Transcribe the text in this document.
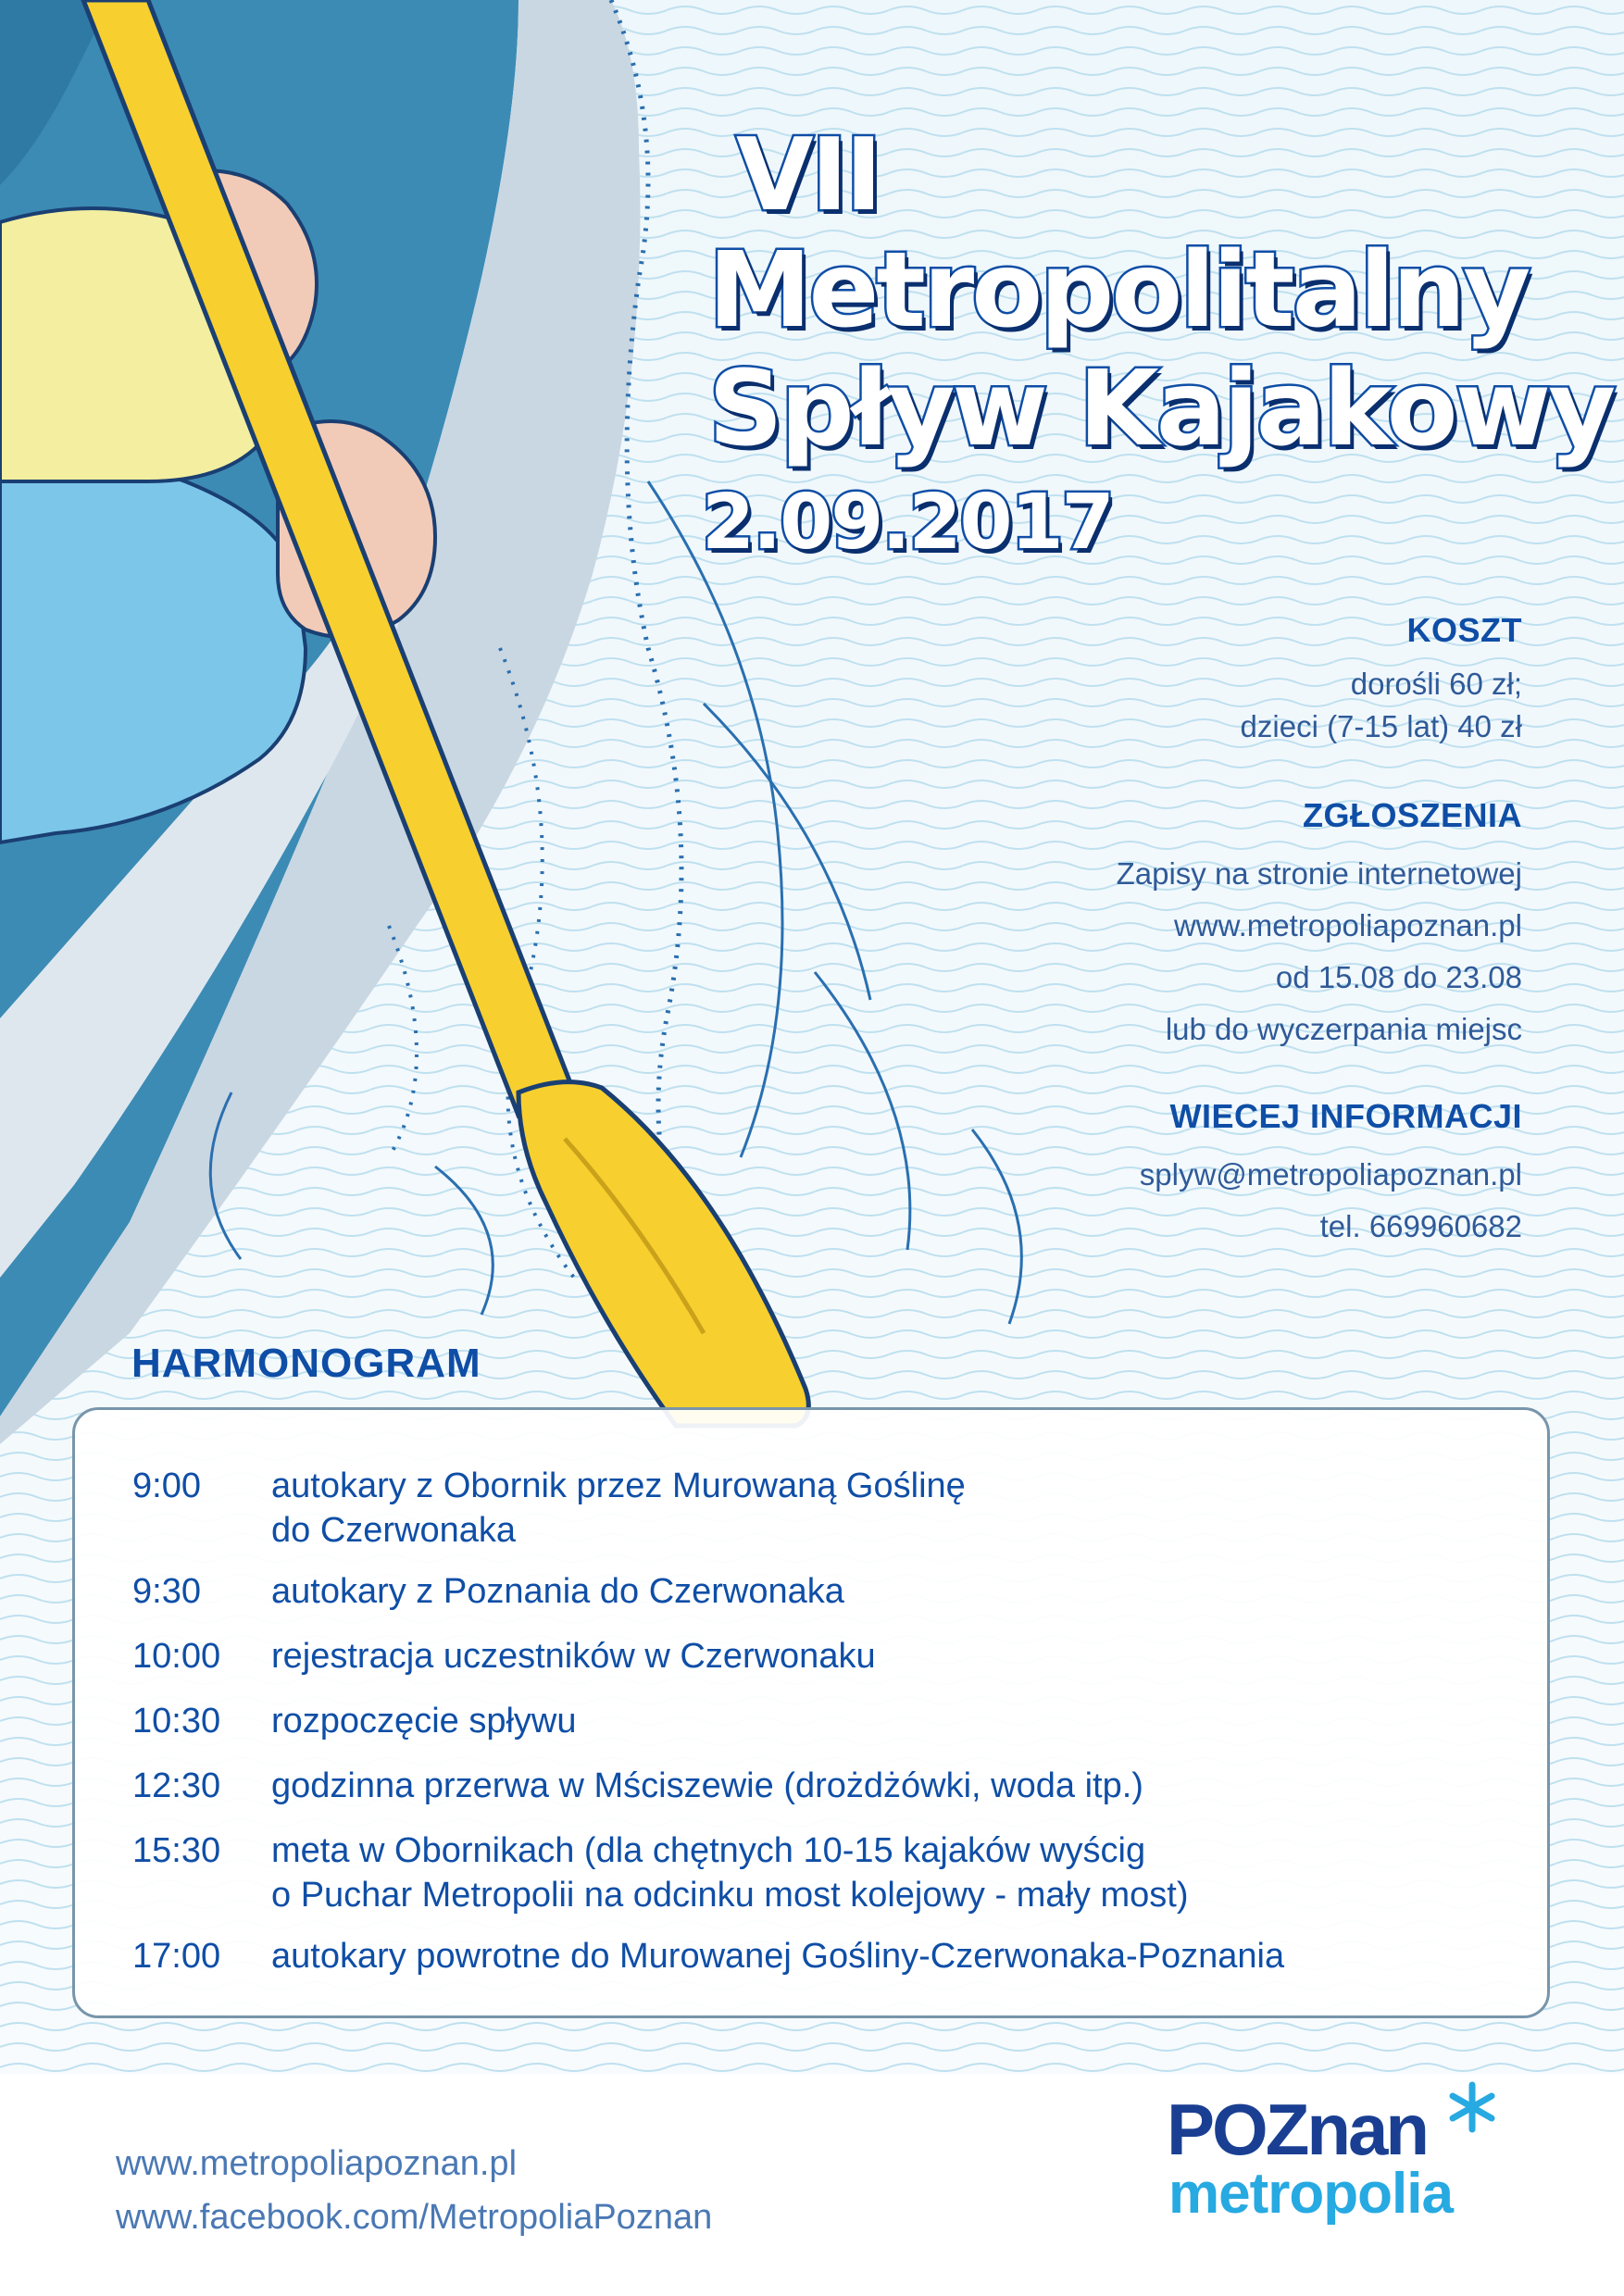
VII
Metropolitalny
Spływ Kajakowy
2.09.2017
KOSZT
dorośli 60 zł;
dzieci (7-15 lat) 40 zł
ZGŁOSZENIA
Zapisy na stronie internetowej
www.metropoliapoznan.pl
od 15.08 do 23.08
lub do wyczerpania miejsc
WIECEJ INFORMACJI
splyw@metropoliapoznan.pl
tel. 669960682
HARMONOGRAM
9:00	autokary z Obornik przez Murowaną Goślinę
do Czerwonaka
9:30	autokary z Poznania do Czerwonaka
10:00	rejestracja uczestników w Czerwonaku
10:30	rozpoczęcie spływu
12:30	godzinna przerwa w Mściszewie (drożdżówki, woda itp.)
15:30	meta w Obornikach (dla chętnych 10-15 kajaków wyścig
o Puchar Metropolii na odcinku most kolejowy - mały most)
17:00	autokary powrotne do Murowanej Gośliny-Czerwonaka-Poznania
www.metropoliapoznan.pl
www.facebook.com/MetropoliaPoznan
POZnan
metropolia
